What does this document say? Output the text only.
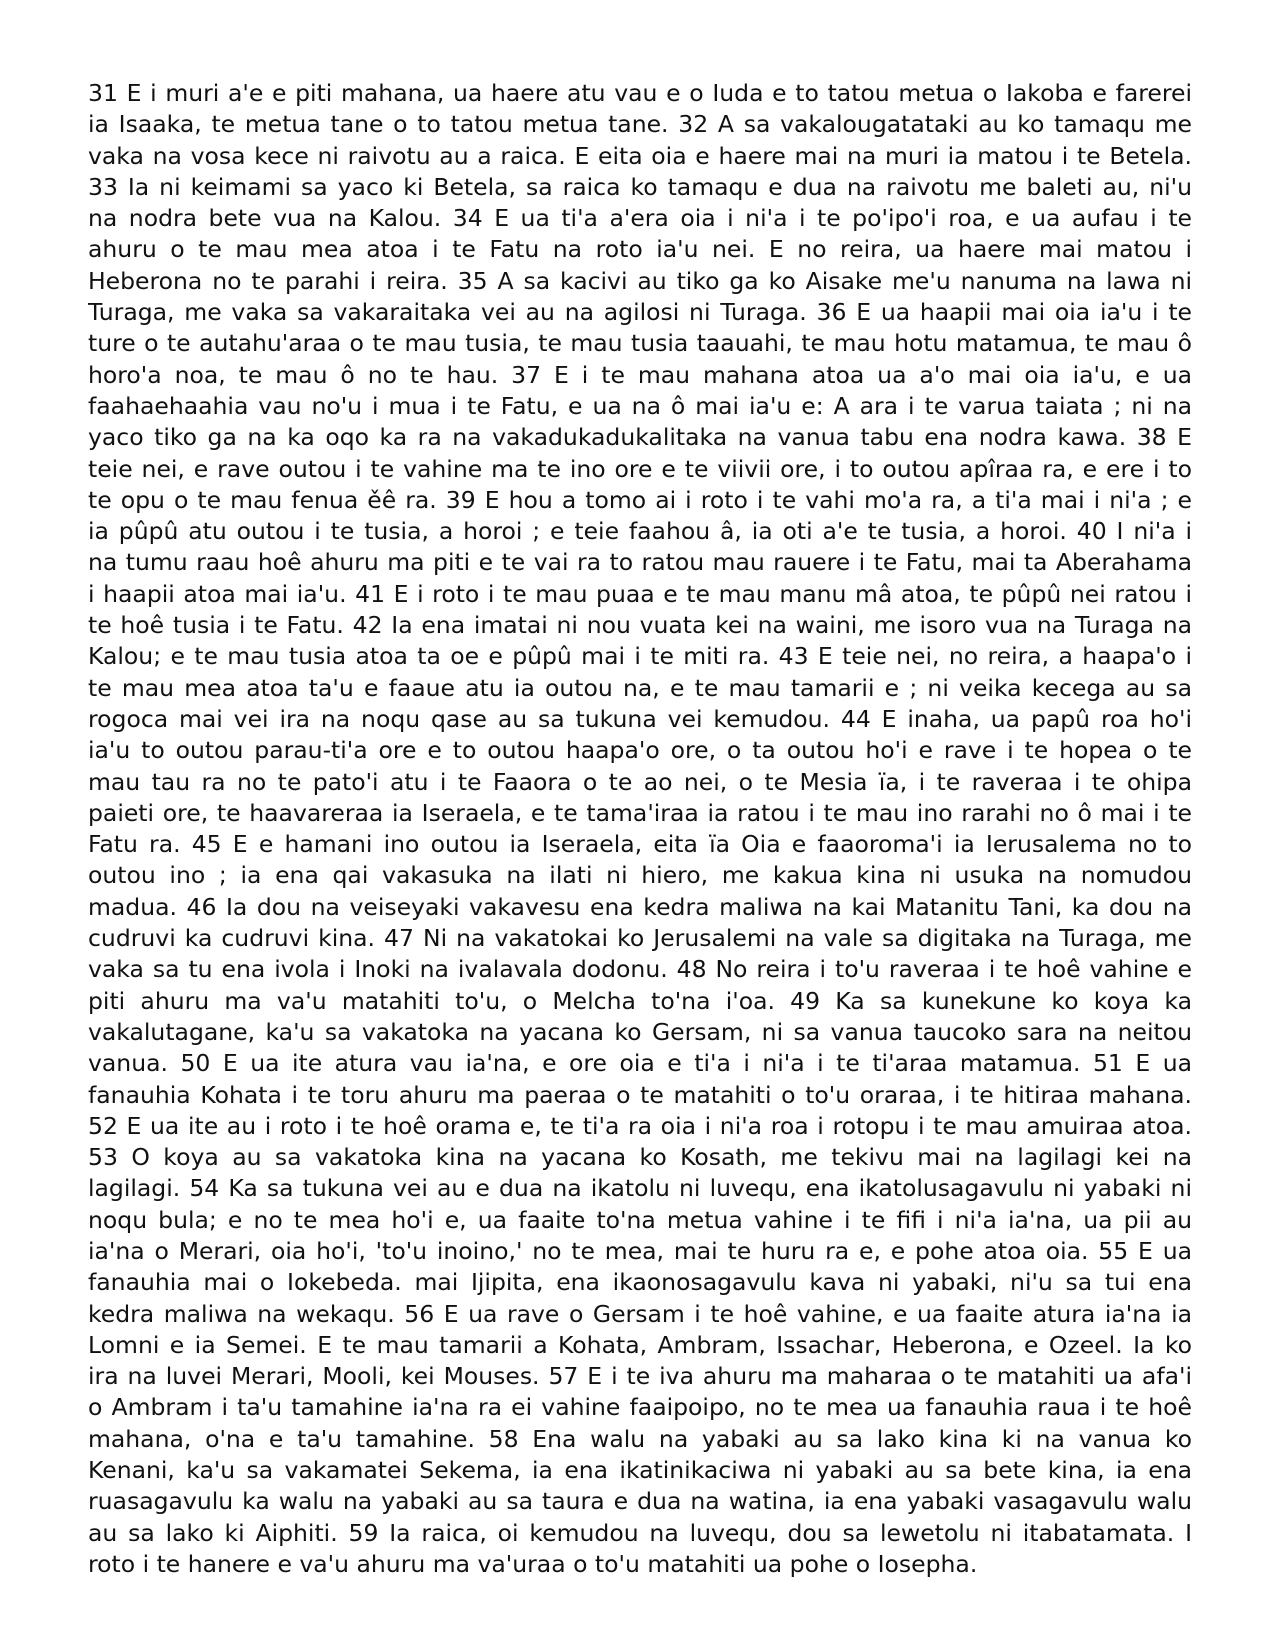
31 E i muri a'e e piti mahana, ua haere atu vau e o Iuda e to tatou metua o Iakoba e farerei
ia Isaaka, te metua tane o to tatou metua tane. 32 A sa vakalougatataki au ko tamaqu me
vaka na vosa kece ni raivotu au a raica. E eita oia e haere mai na muri ia matou i te Betela.
33 Ia ni keimami sa yaco ki Betela, sa raica ko tamaqu e dua na raivotu me baleti au, ni'u
na nodra bete vua na Kalou. 34 E ua ti'a a'era oia i ni'a i te po'ipo'i roa, e ua aufau i te
ahuru o te mau mea atoa i te Fatu na roto ia'u nei. E no reira, ua haere mai matou i
Heberona no te parahi i reira. 35 A sa kacivi au tiko ga ko Aisake me'u nanuma na lawa ni
Turaga, me vaka sa vakaraitaka vei au na agilosi ni Turaga. 36 E ua haapii mai oia ia'u i te
ture o te autahu'araa o te mau tusia, te mau tusia taauahi, te mau hotu matamua, te mau ô
horo'a noa, te mau ô no te hau. 37 E i te mau mahana atoa ua a'o mai oia ia'u, e ua
faahaehaahia vau no'u i mua i te Fatu, e ua na ô mai ia'u e: A ara i te varua taiata ; ni na
yaco tiko ga na ka oqo ka ra na vakadukadukalitaka na vanua tabu ena nodra kawa. 38 E
teie nei, e rave outou i te vahine ma te ino ore e te viivii ore, i to outou apîraa ra, e ere i to
te opu o te mau fenua ěê ra. 39 E hou a tomo ai i roto i te vahi mo'a ra, a ti'a mai i ni'a ; e
ia pûpû atu outou i te tusia, a horoi ; e teie faahou â, ia oti a'e te tusia, a horoi. 40 I ni'a i
na tumu raau hoê ahuru ma piti e te vai ra to ratou mau rauere i te Fatu, mai ta Aberahama
i haapii atoa mai ia'u. 41 E i roto i te mau puaa e te mau manu mâ atoa, te pûpû nei ratou i
te hoê tusia i te Fatu. 42 Ia ena imatai ni nou vuata kei na waini, me isoro vua na Turaga na
Kalou; e te mau tusia atoa ta oe e pûpû mai i te miti ra. 43 E teie nei, no reira, a haapa'o i
te mau mea atoa ta'u e faaue atu ia outou na, e te mau tamarii e ; ni veika kecega au sa
rogoca mai vei ira na noqu qase au sa tukuna vei kemudou. 44 E inaha, ua papû roa ho'i
ia'u to outou parau-ti'a ore e to outou haapa'o ore, o ta outou ho'i e rave i te hopea o te
mau tau ra no te pato'i atu i te Faaora o te ao nei, o te Mesia ïa, i te raveraa i te ohipa
paieti ore, te haavareraa ia Iseraela, e te tama'iraa ia ratou i te mau ino rarahi no ô mai i te
Fatu ra. 45 E e hamani ino outou ia Iseraela, eita ïa Oia e faaoroma'i ia Ierusalema no to
outou ino ; ia ena qai vakasuka na ilati ni hiero, me kakua kina ni usuka na nomudou
madua. 46 Ia dou na veiseyaki vakavesu ena kedra maliwa na kai Matanitu Tani, ka dou na
cudruvi ka cudruvi kina. 47 Ni na vakatokai ko Jerusalemi na vale sa digitaka na Turaga, me
vaka sa tu ena ivola i Inoki na ivalavala dodonu. 48 No reira i to'u raveraa i te hoê vahine e
piti ahuru ma va'u matahiti to'u, o Melcha to'na i'oa. 49 Ka sa kunekune ko koya ka
vakalutagane, ka'u sa vakatoka na yacana ko Gersam, ni sa vanua taucoko sara na neitou
vanua. 50 E ua ite atura vau ia'na, e ore oia e ti'a i ni'a i te ti'araa matamua. 51 E ua
fanauhia Kohata i te toru ahuru ma paeraa o te matahiti o to'u oraraa, i te hitiraa mahana.
52 E ua ite au i roto i te hoê orama e, te ti'a ra oia i ni'a roa i rotopu i te mau amuiraa atoa.
53 O koya au sa vakatoka kina na yacana ko Kosath, me tekivu mai na lagilagi kei na
lagilagi. 54 Ka sa tukuna vei au e dua na ikatolu ni luvequ, ena ikatolusagavulu ni yabaki ni
noqu bula; e no te mea ho'i e, ua faaite to'na metua vahine i te fifi i ni'a ia'na, ua pii au
ia'na o Merari, oia ho'i, 'to'u inoino,' no te mea, mai te huru ra e, e pohe atoa oia. 55 E ua
fanauhia mai o Iokebeda. mai Ijipita, ena ikaonosagavulu kava ni yabaki, ni'u sa tui ena
kedra maliwa na wekaqu. 56 E ua rave o Gersam i te hoê vahine, e ua faaite atura ia'na ia
Lomni e ia Semei. E te mau tamarii a Kohata, Ambram, Issachar, Heberona, e Ozeel. Ia ko
ira na luvei Merari, Mooli, kei Mouses. 57 E i te iva ahuru ma maharaa o te matahiti ua afa'i
o Ambram i ta'u tamahine ia'na ra ei vahine faaipoipo, no te mea ua fanauhia raua i te hoê
mahana, o'na e ta'u tamahine. 58 Ena walu na yabaki au sa lako kina ki na vanua ko
Kenani, ka'u sa vakamatei Sekema, ia ena ikatinikaciwa ni yabaki au sa bete kina, ia ena
ruasagavulu ka walu na yabaki au sa taura e dua na watina, ia ena yabaki vasagavulu walu
au sa lako ki Aiphiti. 59 Ia raica, oi kemudou na luvequ, dou sa lewetolu ni itabatamata. I
roto i te hanere e va'u ahuru ma va'uraa o to'u matahiti ua pohe o Iosepha.
